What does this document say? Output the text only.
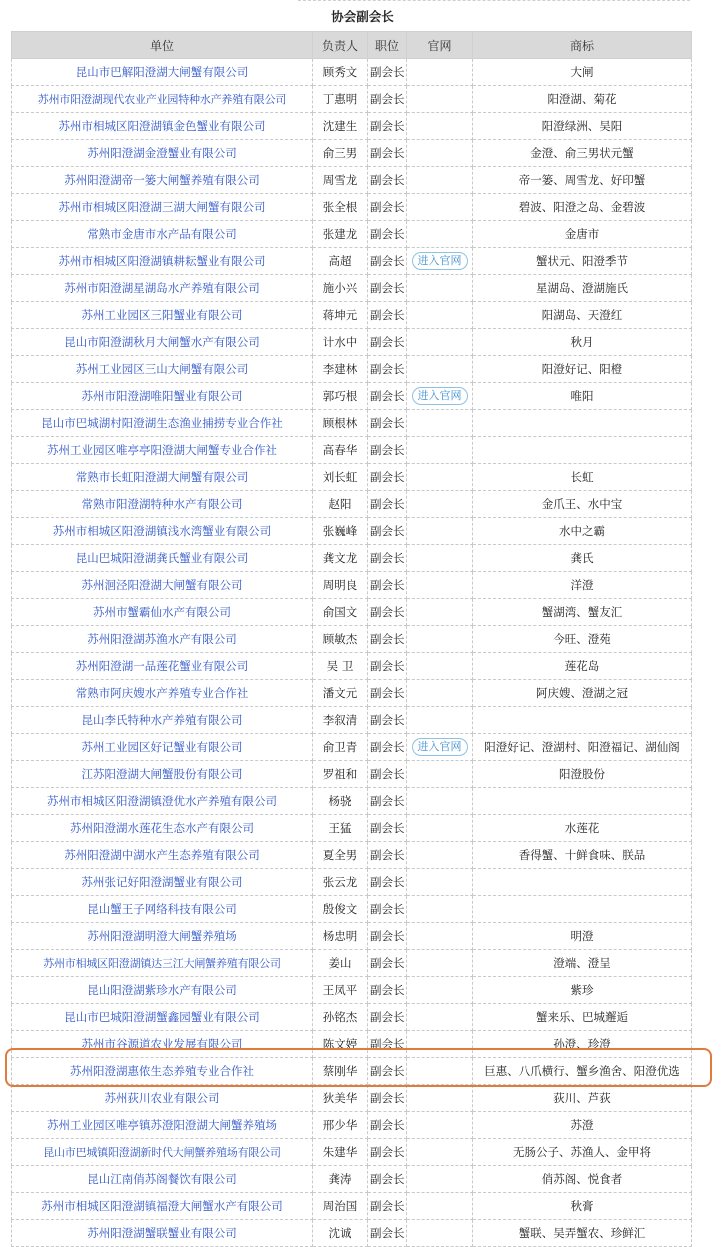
协会副会长
单位	负责人	职位	官网	商标
昆山市巴解阳澄湖大闸蟹有限公司	顾秀文	副会长		大闸
苏州市阳澄湖现代农业产业园特种水产养殖有限公司	丁惠明	副会长		阳澄湖、菊花
苏州市相城区阳澄湖镇金色蟹业有限公司	沈建生	副会长		阳澄绿洲、吴阳
苏州阳澄湖金澄蟹业有限公司	俞三男	副会长		金澄、俞三男状元蟹
苏州阳澄湖帝一篓大闸蟹养殖有限公司	周雪龙	副会长		帝一篓、周雪龙、好印蟹
苏州市相城区阳澄湖三湖大闸蟹有限公司	张全根	副会长		碧波、阳澄之岛、金碧波
常熟市金唐市水产品有限公司	张建龙	副会长		金唐市
苏州市相城区阳澄湖镇耕耘蟹业有限公司	高超	副会长	进入官网	蟹状元、阳澄季节
苏州市阳澄湖星湖岛水产养殖有限公司	施小兴	副会长		星湖岛、澄湖施氏
苏州工业园区三阳蟹业有限公司	蒋坤元	副会长		阳湖岛、天澄红
昆山市阳澄湖秋月大闸蟹水产有限公司	计水中	副会长		秋月
苏州工业园区三山大闸蟹有限公司	李建林	副会长		阳澄好记、阳橙
苏州市阳澄湖唯阳蟹业有限公司	郭巧根	副会长	进入官网	唯阳
昆山市巴城湖村阳澄湖生态渔业捕捞专业合作社	顾根林	副会长		
苏州工业园区唯亭亭阳澄湖大闸蟹专业合作社	高春华	副会长		
常熟市长虹阳澄湖大闸蟹有限公司	刘长虹	副会长		长虹
常熟市阳澄湖特种水产有限公司	赵阳	副会长		金爪王、水中宝
苏州市相城区阳澄湖镇浅水湾蟹业有限公司	张巍峰	副会长		水中之霸
昆山巴城阳澄湖龚氏蟹业有限公司	龚文龙	副会长		龚氏
苏州洄泾阳澄湖大闸蟹有限公司	周明良	副会长		洋澄
苏州市蟹霸仙水产有限公司	俞国文	副会长		蟹湖湾、蟹友汇
苏州阳澄湖苏渔水产有限公司	顾敏杰	副会长		今旺、澄苑
苏州阳澄湖一品莲花蟹业有限公司	吴 卫	副会长		莲花岛
常熟市阿庆嫂水产养殖专业合作社	潘文元	副会长		阿庆嫂、澄湖之冠
昆山李氏特种水产养殖有限公司	李叙清	副会长		
苏州工业园区好记蟹业有限公司	俞卫青	副会长	进入官网	阳澄好记、澄湖村、阳澄福记、湖仙阁
江苏阳澄湖大闸蟹股份有限公司	罗祖和	副会长		阳澄股份
苏州市相城区阳澄湖镇澄优水产养殖有限公司	杨骁	副会长		
苏州阳澄湖水莲花生态水产有限公司	王猛	副会长		水莲花
苏州阳澄湖中湖水产生态养殖有限公司	夏全男	副会长		香得蟹、十鲜食味、朕品
苏州张记好阳澄湖蟹业有限公司	张云龙	副会长		
昆山蟹王子网络科技有限公司	殷俊文	副会长		
苏州阳澄湖明澄大闸蟹养殖场	杨忠明	副会长		明澄
苏州市相城区阳澄湖镇达三江大闸蟹养殖有限公司	姜山	副会长		澄端、澄呈
昆山阳澄湖紫珍水产有限公司	王凤平	副会长		紫珍
昆山市巴城阳澄湖蟹鑫园蟹业有限公司	孙铭杰	副会长		蟹来乐、巴城邂逅
苏州市谷源道农业发展有限公司	陈文婷	副会长		孙澄、珍澄
苏州阳澄湖惠侬生态养殖专业合作社	蔡刚华	副会长		巨惠、八爪横行、蟹乡渔舍、阳澄优选
苏州荻川农业有限公司	狄美华	副会长		荻川、芦荻
苏州工业园区唯亭镇苏澄阳澄湖大闸蟹养殖场	邢少华	副会长		苏澄
昆山市巴城镇阳澄湖新时代大闸蟹养殖场有限公司	朱建华	副会长		无肠公子、苏渔人、金甲将
昆山江南俏苏阁餐饮有限公司	龚涛	副会长		俏苏阁、悦食者
苏州市相城区阳澄湖镇福澄大闸蟹水产有限公司	周治国	副会长		秋膏
苏州阳澄湖蟹联蟹业有限公司	沈诚	副会长		蟹联、吴弄蟹农、珍鲜汇
